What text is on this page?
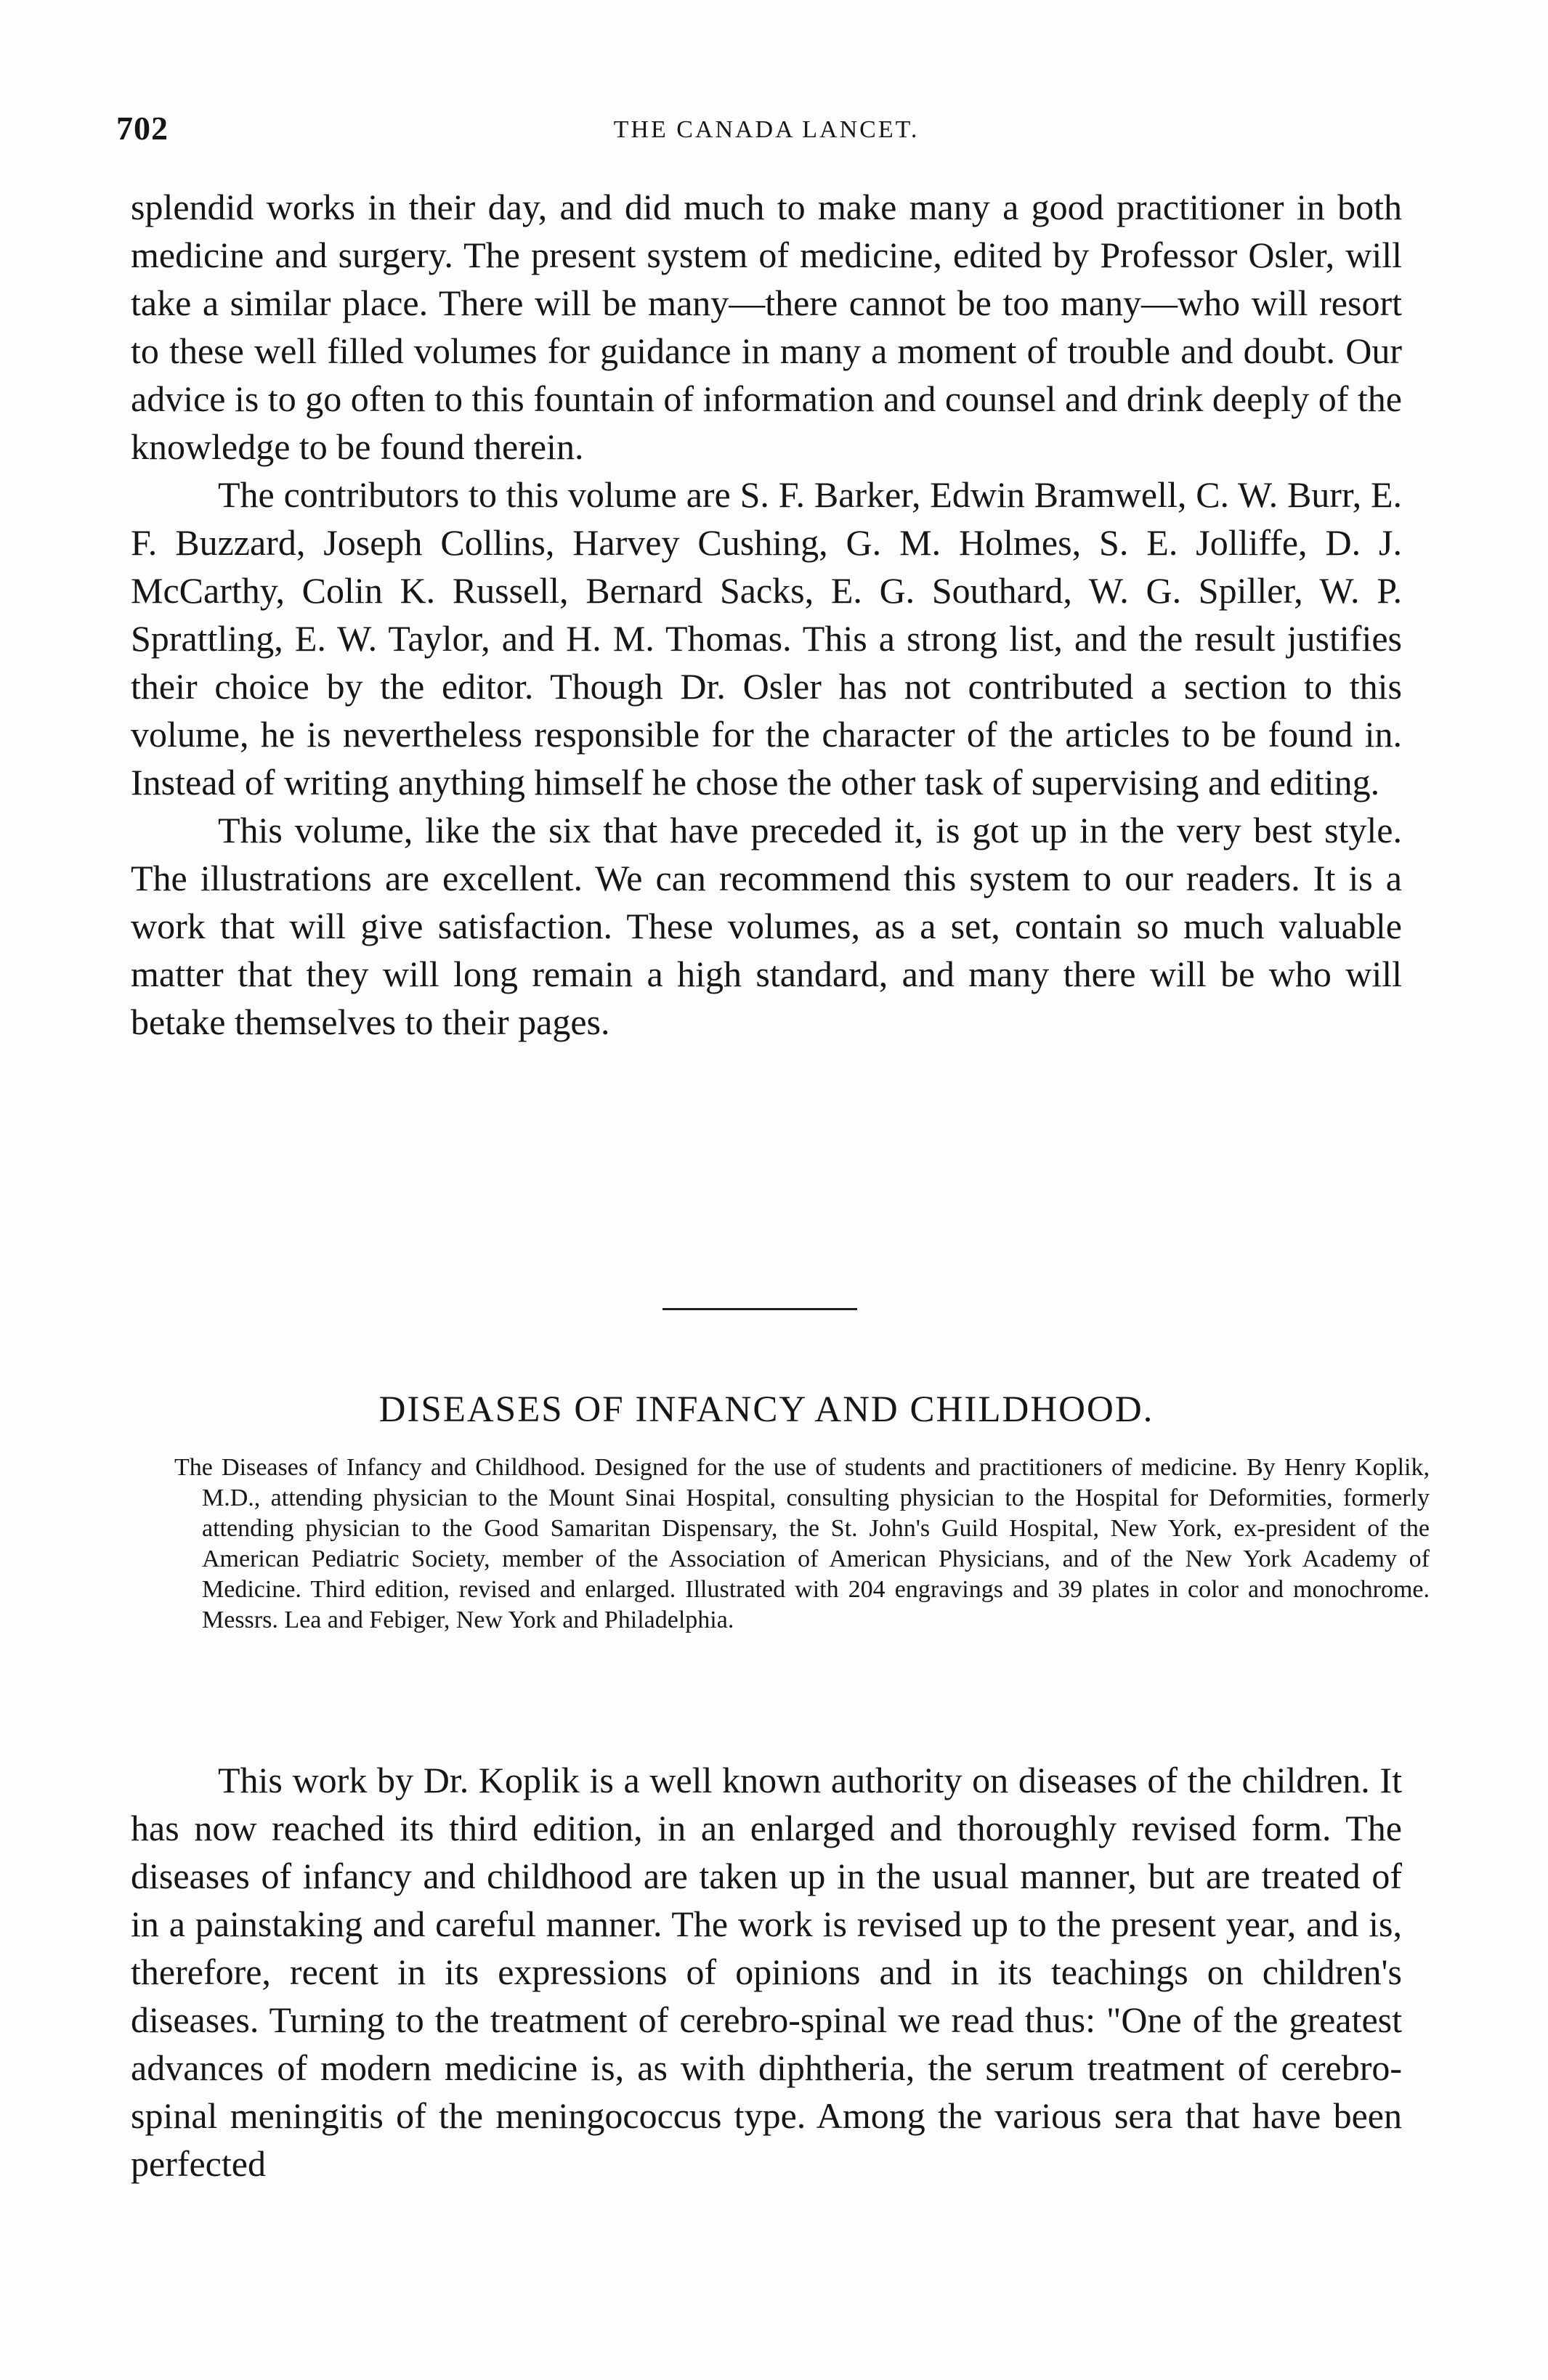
702	THE CANADA LANCET.

splendid works in their day, and did much to make many a good practitioner in both medicine and surgery. The present system of medicine, edited by Professor Osler, will take a similar place. There will be many—there cannot be too many—who will resort to these well filled volumes for guidance in many a moment of trouble and doubt. Our advice is to go often to this fountain of information and counsel and drink deeply of the knowledge to be found therein.

The contributors to this volume are S. F. Barker, Edwin Bramwell, C. W. Burr, E. F. Buzzard, Joseph Collins, Harvey Cushing, G. M. Holmes, S. E. Jolliffe, D. J. McCarthy, Colin K. Russell, Bernard Sacks, E. G. Southard, W. G. Spiller, W. P. Sprattling, E. W. Taylor, and H. M. Thomas. This a strong list, and the result justifies their choice by the editor. Though Dr. Osler has not contributed a section to this volume, he is nevertheless responsible for the character of the articles to be found in. Instead of writing anything himself he chose the other task of supervising and editing.

This volume, like the six that have preceded it, is got up in the very best style. The illustrations are excellent. We can recommend this system to our readers. It is a work that will give satisfaction. These volumes, as a set, contain so much valuable matter that they will long remain a high standard, and many there will be who will betake themselves to their pages.

DISEASES OF INFANCY AND CHILDHOOD.
The Diseases of Infancy and Childhood. Designed for the use of students and practitioners of medicine. By Henry Koplik, M.D., attending physician to the Mount Sinai Hospital, consulting physician to the Hospital for Deformities, formerly attending physician to the Good Samaritan Dispensary, the St. John's Guild Hospital, New York, ex-president of the American Pediatric Society, member of the Association of American Physicians, and of the New York Academy of Medicine. Third edition, revised and enlarged. Illustrated with 204 engravings and 39 plates in color and monochrome. Messrs. Lea and Febiger, New York and Philadelphia.

This work by Dr. Koplik is a well known authority on diseases of the children. It has now reached its third edition, in an enlarged and thoroughly revised form. The diseases of infancy and childhood are taken up in the usual manner, but are treated of in a painstaking and careful manner. The work is revised up to the present year, and is, therefore, recent in its expressions of opinions and in its teachings on children's diseases. Turning to the treatment of cerebro-spinal we read thus: "One of the greatest advances of modern medicine is, as with diphtheria, the serum treatment of cerebro-spinal meningitis of the meningococcus type. Among the various sera that have been perfected
